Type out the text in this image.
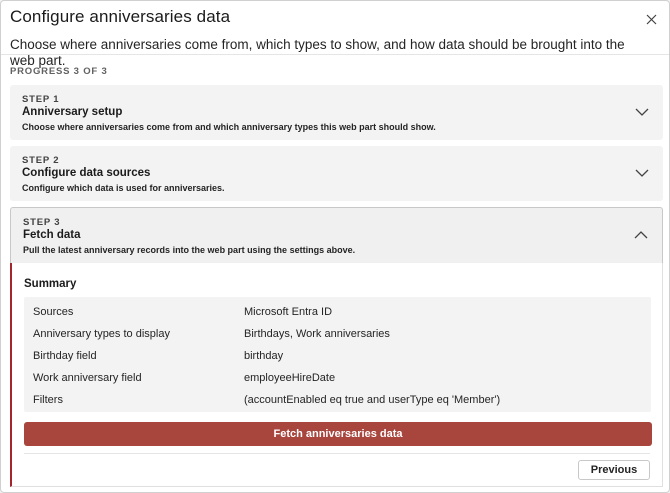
Configure anniversaries data
Choose where anniversaries come from, which types to show, and how data should be brought into the web part.
PROGRESS 3 OF 3
STEP 1
Anniversary setup
Choose where anniversaries come from and which anniversary types this web part should show.
STEP 2
Configure data sources
Configure which data is used for anniversaries.
STEP 3
Fetch data
Pull the latest anniversary records into the web part using the settings above.
Summary
Sources	Microsoft Entra ID
Anniversary types to display	Birthdays, Work anniversaries
Birthday field	birthday
Work anniversary field	employeeHireDate
Filters	(accountEnabled eq true and userType eq 'Member')
Fetch anniversaries data
Previous
